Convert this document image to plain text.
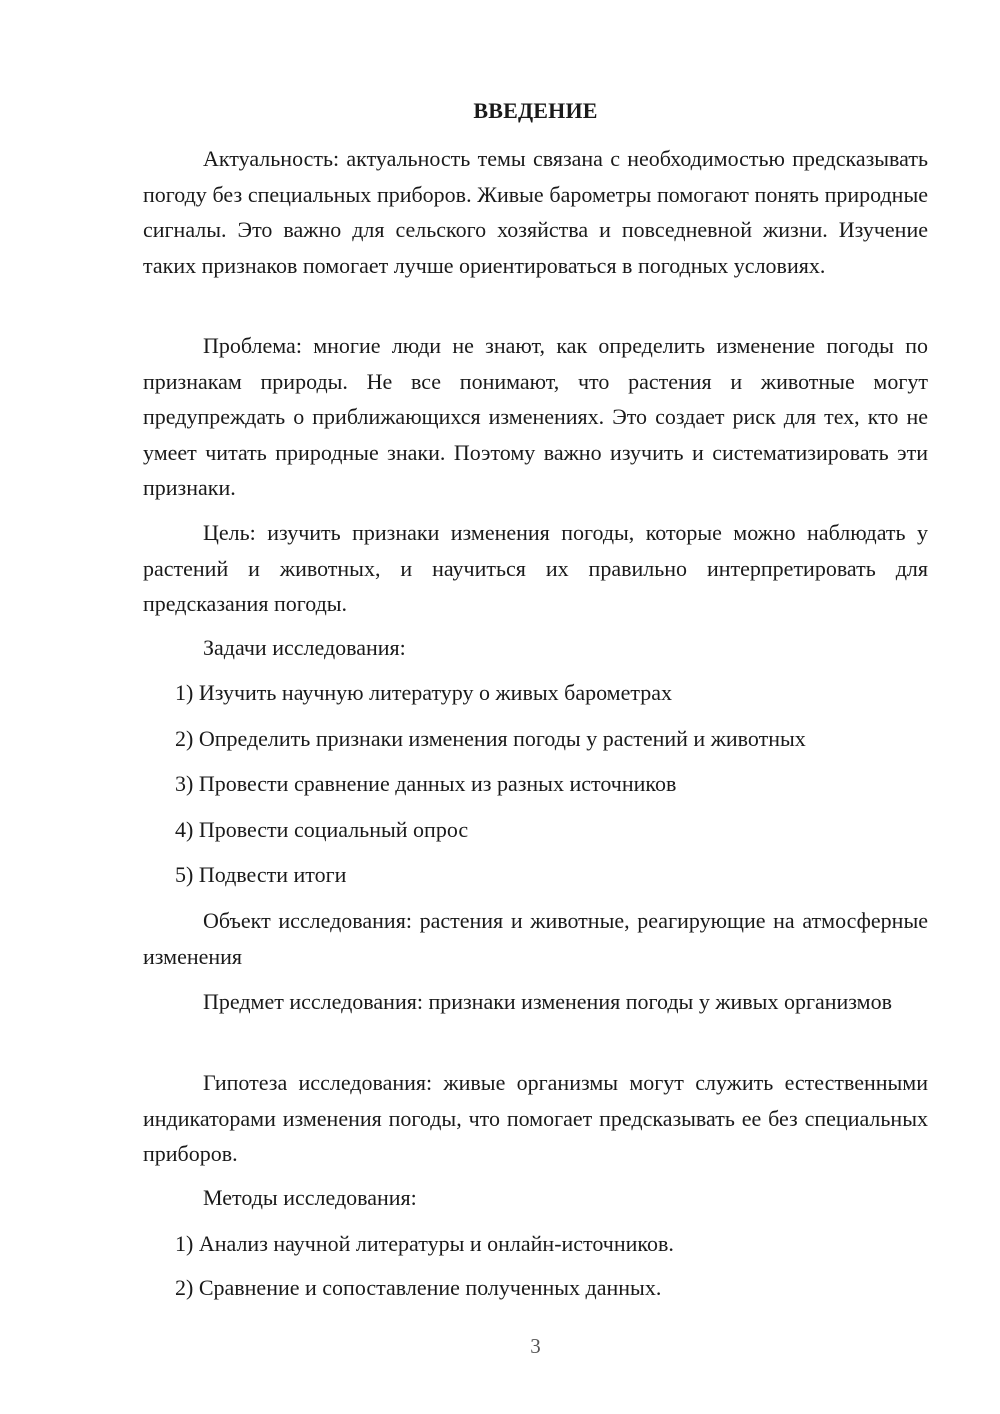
ВВЕДЕНИЕ

Актуальность: актуальность темы связана с необходимостью предсказывать погоду без специальных приборов. Живые барометры помогают понять природные сигналы. Это важно для сельского хозяйства и повседневной жизни. Изучение таких признаков помогает лучше ориентироваться в погодных условиях.

Проблема: многие люди не знают, как определить изменение погоды по признакам природы. Не все понимают, что растения и животные могут предупреждать о приближающихся изменениях. Это создает риск для тех, кто не умеет читать природные знаки. Поэтому важно изучить и систематизировать эти признаки.

Цель: изучить признаки изменения погоды, которые можно наблюдать у растений и животных, и научиться их правильно интерпретировать для предсказания погоды.

Задачи исследования:

1) Изучить научную литературу о живых барометрах

2) Определить признаки изменения погоды у растений и животных

3) Провести сравнение данных из разных источников

4) Провести социальный опрос

5) Подвести итоги

Объект исследования: растения и животные, реагирующие на атмосферные изменения

Предмет исследования: признаки изменения погоды у живых организмов

Гипотеза исследования: живые организмы могут служить естественными индикаторами изменения погоды, что помогает предсказывать ее без специальных приборов.

Методы исследования:

1) Анализ научной литературы и онлайн-источников.

2) Сравнение и сопоставление полученных данных.

3
